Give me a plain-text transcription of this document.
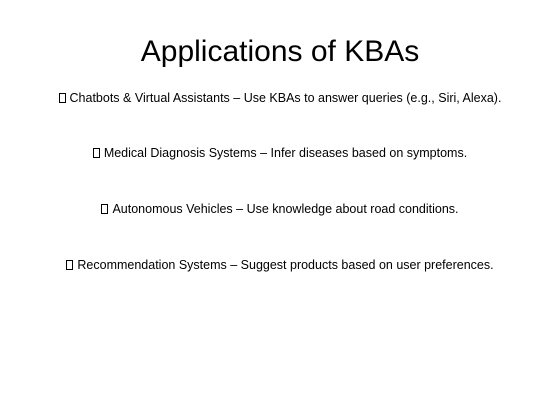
Applications of KBAs
Chatbots & Virtual Assistants – Use KBAs to answer queries (e.g., Siri, Alexa).
Medical Diagnosis Systems – Infer diseases based on symptoms.
Autonomous Vehicles – Use knowledge about road conditions.
Recommendation Systems – Suggest products based on user preferences.
